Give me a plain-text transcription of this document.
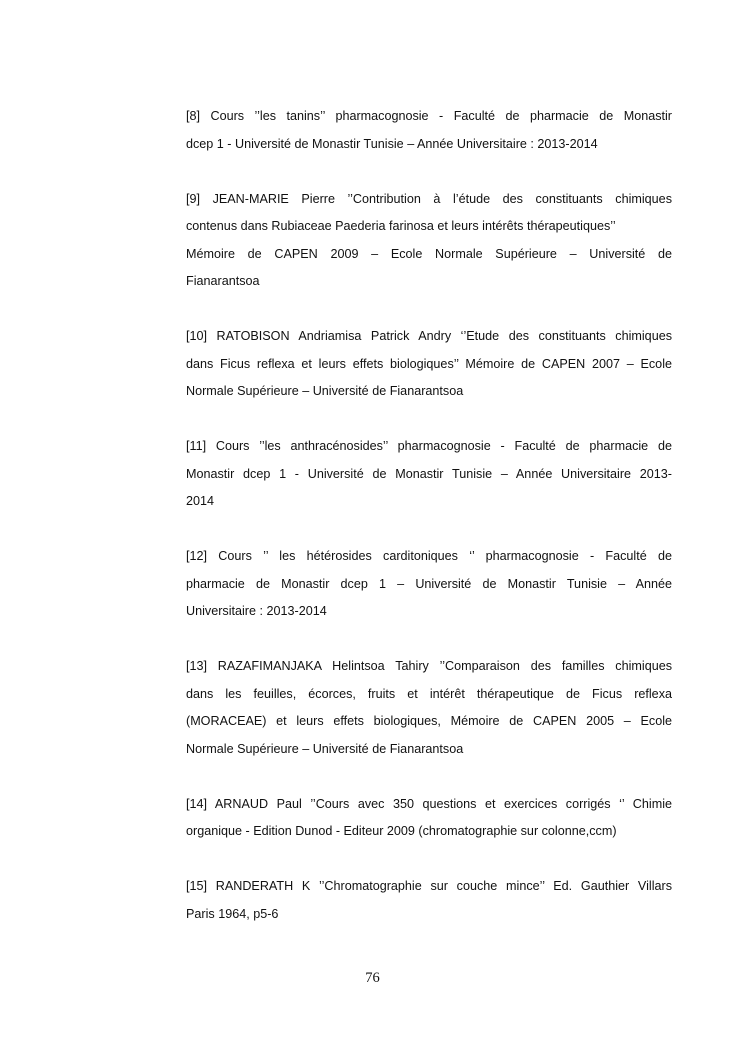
[8] Cours ’’les tanins’’ pharmacognosie - Faculté de pharmacie de Monastir
dcep 1 - Université de Monastir Tunisie – Année Universitaire : 2013-2014
[9] JEAN-MARIE Pierre ’’Contribution à l’étude des constituants chimiques
contenus dans Rubiaceae Paederia farinosa et leurs intérêts thérapeutiques’’
Mémoire de CAPEN 2009 – Ecole Normale Supérieure – Université de
Fianarantsoa
[10] RATOBISON Andriamisa Patrick Andry ‘’Etude des constituants chimiques
dans Ficus reflexa et leurs effets biologiques’’ Mémoire de CAPEN 2007 – Ecole
Normale Supérieure – Université de Fianarantsoa
[11] Cours ’’les anthracénosides’’ pharmacognosie - Faculté de pharmacie de
Monastir dcep 1 - Université de Monastir Tunisie – Année Universitaire 2013-
2014
[12] Cours ’’ les hétérosides carditoniques ‘’ pharmacognosie - Faculté de
pharmacie de Monastir dcep 1 – Université de Monastir Tunisie – Année
Universitaire : 2013-2014
[13] RAZAFIMANJAKA Helintsoa Tahiry ’’Comparaison des familles chimiques
dans les feuilles, écorces, fruits et intérêt thérapeutique de Ficus reflexa
(MORACEAE) et leurs effets biologiques, Mémoire de CAPEN 2005 – Ecole
Normale Supérieure – Université de Fianarantsoa
[14] ARNAUD Paul ’’Cours avec 350 questions et exercices corrigés ‘’ Chimie
organique - Edition Dunod - Editeur 2009 (chromatographie sur colonne,ccm)
[15] RANDERATH K ’’Chromatographie sur couche mince’’ Ed. Gauthier Villars
Paris 1964, p5-6
76
